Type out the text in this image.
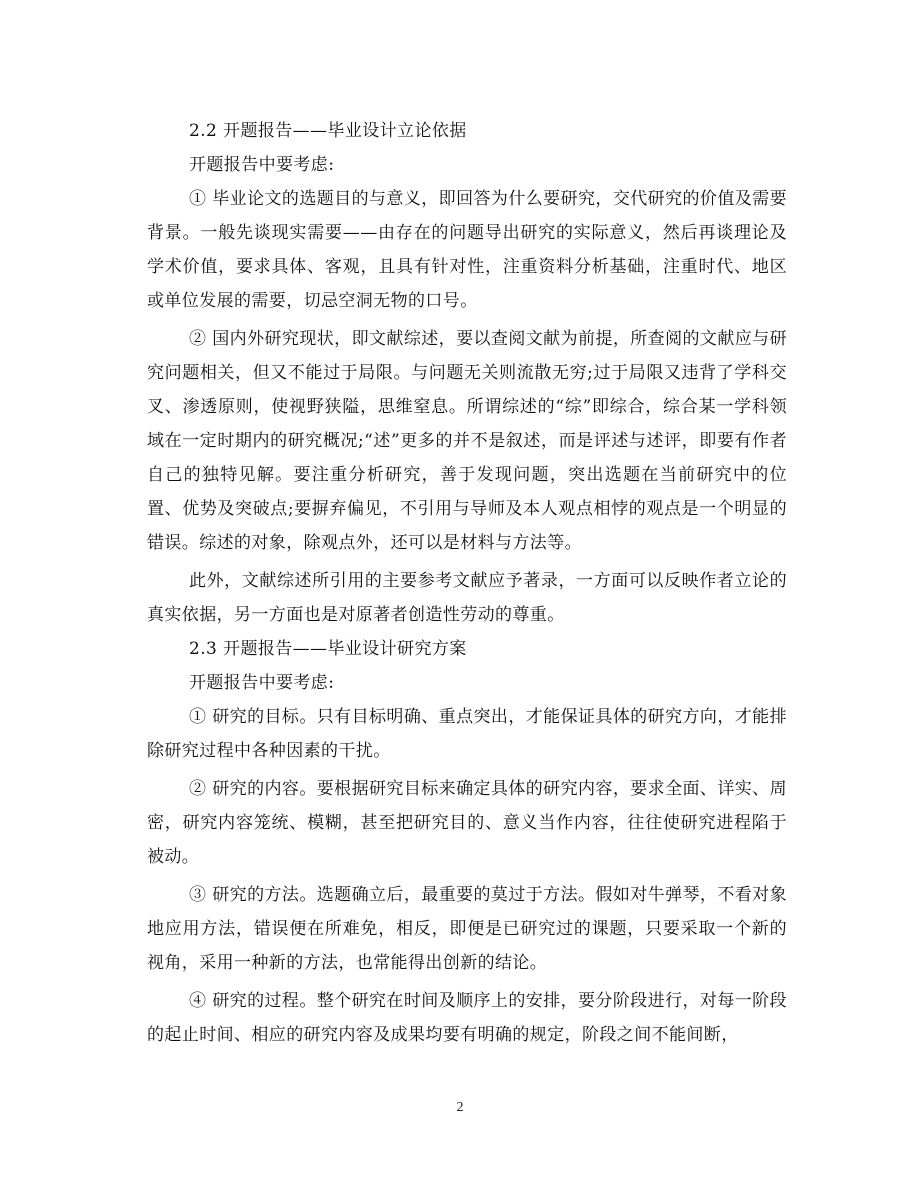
2.2 开题报告——毕业设计立论依据

开题报告中要考虑:

① 毕业论文的选题目的与意义，即回答为什么要研究，交代研究的价值及需要背景。一般先谈现实需要——由存在的问题导出研究的实际意义，然后再谈理论及学术价值，要求具体、客观，且具有针对性，注重资料分析基础，注重时代、地区或单位发展的需要，切忌空洞无物的口号。

② 国内外研究现状，即文献综述，要以查阅文献为前提，所查阅的文献应与研究问题相关，但又不能过于局限。与问题无关则流散无穷;过于局限又违背了学科交叉、渗透原则，使视野狭隘，思维窒息。所谓综述的“综”即综合，综合某一学科领域在一定时期内的研究概况;“述”更多的并不是叙述，而是评述与述评，即要有作者自己的独特见解。要注重分析研究，善于发现问题，突出选题在当前研究中的位置、优势及突破点;要摒弃偏见，不引用与导师及本人观点相悖的观点是一个明显的错误。综述的对象，除观点外，还可以是材料与方法等。

此外，文献综述所引用的主要参考文献应予著录，一方面可以反映作者立论的真实依据，另一方面也是对原著者创造性劳动的尊重。

2.3 开题报告——毕业设计研究方案

开题报告中要考虑:

① 研究的目标。只有目标明确、重点突出，才能保证具体的研究方向，才能排除研究过程中各种因素的干扰。

② 研究的内容。要根据研究目标来确定具体的研究内容，要求全面、详实、周密，研究内容笼统、模糊，甚至把研究目的、意义当作内容，往往使研究进程陷于被动。

③ 研究的方法。选题确立后，最重要的莫过于方法。假如对牛弹琴，不看对象地应用方法，错误便在所难免，相反，即便是已研究过的课题，只要采取一个新的视角，采用一种新的方法，也常能得出创新的结论。

④ 研究的过程。整个研究在时间及顺序上的安排，要分阶段进行，对每一阶段的起止时间、相应的研究内容及成果均要有明确的规定，阶段之间不能间断，

2
